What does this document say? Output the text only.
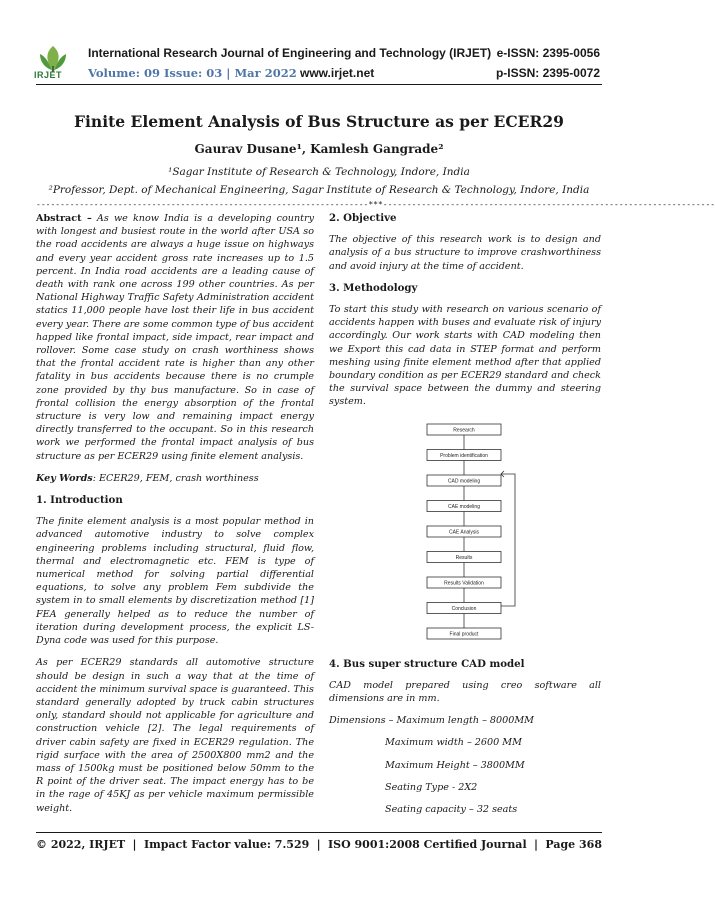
IRJET
International Research Journal of Engineering and Technology (IRJET)
Volume: 09 Issue: 03 | Mar 2022 www.irjet.net
e-ISSN: 2395-0056
p-ISSN: 2395-0072
Finite Element Analysis of Bus Structure as per ECER29
Gaurav Dusane¹, Kamlesh Gangrade²
¹Sagar Institute of Research & Technology, Indore, India
²Professor, Dept. of Mechanical Engineering, Sagar Institute of Research & Technology, Indore, India
---------------------------------------------------------------------***---------------------------------------------------------------------

Abstract – As we know India is a developing country with longest and busiest route in the world after USA so the road accidents are always a huge issue on highways and every year accident gross rate increases up to 1.5 percent. In India road accidents are a leading cause of death with rank one across 199 other countries. As per National Highway Traffic Safety Administration accident statics 11,000 people have lost their life in bus accident every year. There are some common type of bus accident happed like frontal impact, side impact, rear impact and rollover. Some case study on crash worthiness shows that the frontal accident rate is higher than any other fatality in bus accidents because there is no crumple zone provided by thy bus manufacture. So in case of frontal collision the energy absorption of the frontal structure is very low and remaining impact energy directly transferred to the occupant. So in this research work we performed the frontal impact analysis of bus structure as per ECER29 using finite element analysis.

Key Words: ECER29, FEM, crash worthiness

1. Introduction

The finite element analysis is a most popular method in advanced automotive industry to solve complex engineering problems including structural, fluid flow, thermal and electromagnetic etc. FEM is type of numerical method for solving partial differential equations, to solve any problem Fem subdivide the system in to small elements by discretization method [1] FEA generally helped as to reduce the number of iteration during development process, the explicit LS-Dyna code was used for this purpose.

As per ECER29 standards all automotive structure should be design in such a way that at the time of accident the minimum survival space is guaranteed. This standard generally adopted by truck cabin structures only, standard should not applicable for agriculture and construction vehicle [2]. The legal requirements of driver cabin safety are fixed in ECER29 regulation. The rigid surface with the area of 2500X800 mm2 and the mass of 1500kg must be positioned below 50mm to the R point of the driver seat. The impact energy has to be in the rage of 45KJ as per vehicle maximum permissible weight.

2. Objective

The objective of this research work is to design and analysis of a bus structure to improve crashworthiness and avoid injury at the time of accident.

3. Methodology

To start this study with research on various scenario of accidents happen with buses and evaluate risk of injury accordingly. Our work starts with CAD modeling then we Export this cad data in STEP format and perform meshing using finite element method after that applied boundary condition as per ECER29 standard and check the survival space between the dummy and steering system.

Research
Problem identification
CAD modeling
CAE modeling
CAE Analysis
Results
Results Validation
Conclusion
Final product
4. Bus super structure CAD model

CAD model prepared using creo software all dimensions are in mm.

Dimensions – Maximum length – 8000MM
Maximum width – 2600 MM
Maximum Height – 3800MM
Seating Type - 2X2
Seating capacity – 32 seats
© 2022, IRJET | Impact Factor value: 7.529 | ISO 9001:2008 Certified Journal | Page 368
